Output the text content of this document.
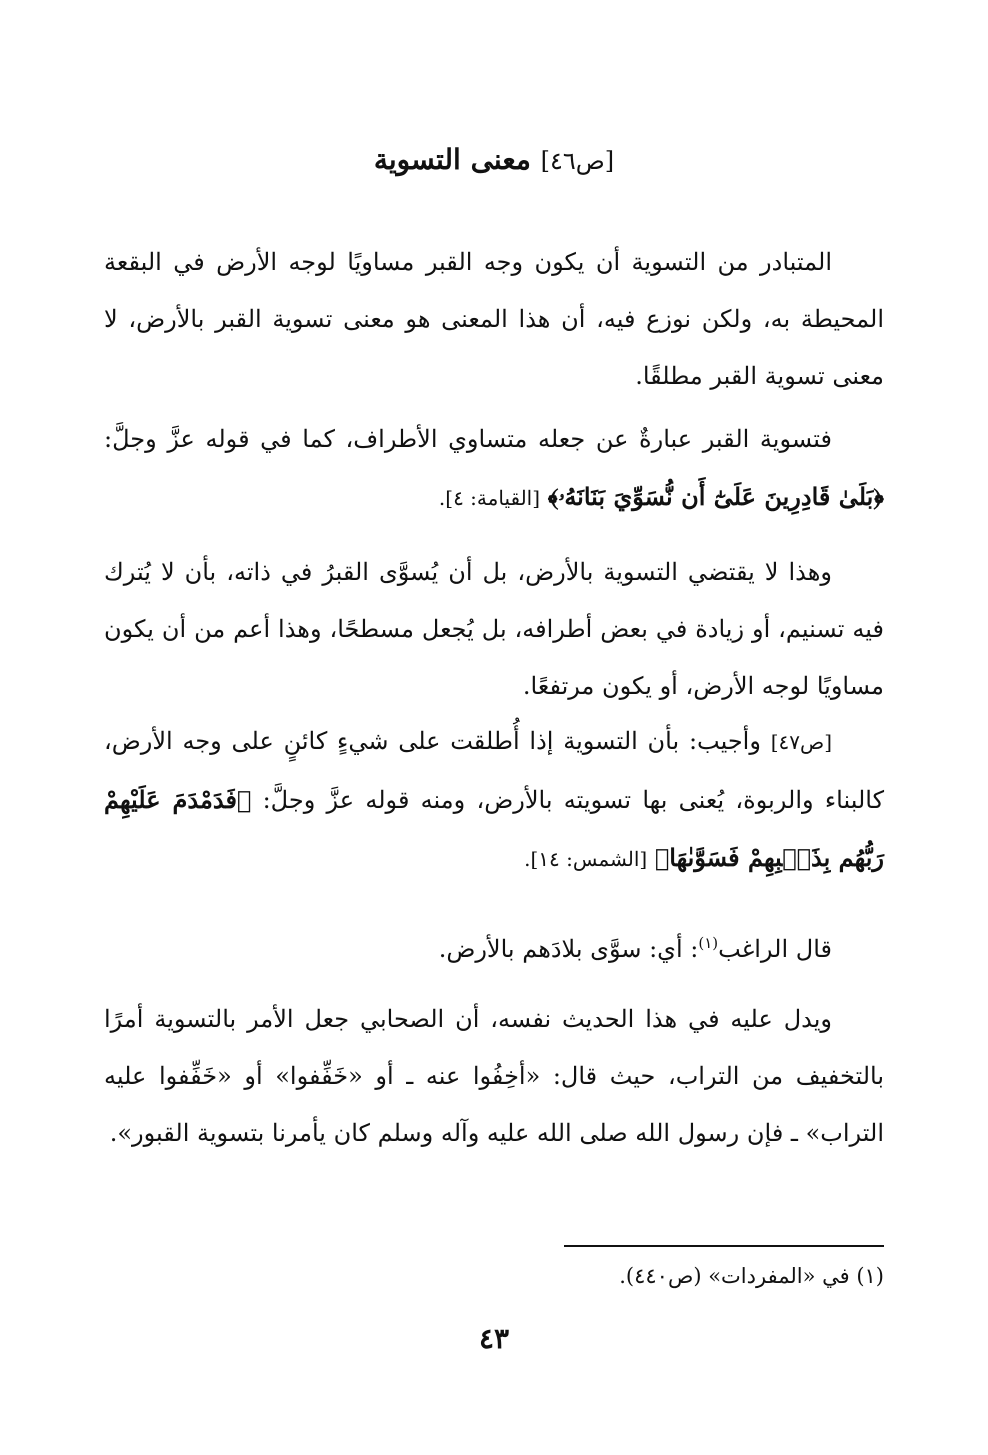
[ص٤٦] معنى التسوية

المتبادر من التسوية أن يكون وجه القبر مساويًا لوجه الأرض في البقعة المحيطة به، ولكن نوزع فيه، أن هذا المعنى هو معنى تسوية القبر بالأرض، لا معنى تسوية القبر مطلقًا.

فتسوية القبر عبارةٌ عن جعله متساوي الأطراف، كما في قوله عزَّ وجلَّ: ﴿بَلَىٰ قَادِرِينَ عَلَىٰٓ أَن نُّسَوِّيَ بَنَانَهُۥ﴾ [القيامة: ٤].

وهذا لا يقتضي التسوية بالأرض، بل أن يُسوَّى القبرُ في ذاته، بأن لا يُترك فيه تسنيم، أو زيادة في بعض أطرافه، بل يُجعل مسطحًا، وهذا أعم من أن يكون مساويًا لوجه الأرض، أو يكون مرتفعًا.

[ص٤٧] وأجيب: بأن التسوية إذا أُطلقت على شيءٍ كائنٍ على وجه الأرض، كالبناء والربوة، يُعنى بها تسويته بالأرض، ومنه قوله عزَّ وجلَّ: ﴿فَدَمْدَمَ عَلَيْهِمْ رَبُّهُم بِذَنۢبِهِمْ فَسَوَّىٰهَا﴾ [الشمس: ١٤].

قال الراغب$^{(١)}$: أي: سوَّى بلادَهم بالأرض.

ويدل عليه في هذا الحديث نفسه، أن الصحابي جعل الأمر بالتسوية أمرًا بالتخفيف من التراب، حيث قال: «أخِفُوا عنه ـ أو «خَفِّفوا» أو «خَفِّفوا عليه التراب» ـ فإن رسول الله صلى الله عليه وآله وسلم كان يأمرنا بتسوية القبور».

(١) في «المفردات» (ص٤٤٠).
٤٣
